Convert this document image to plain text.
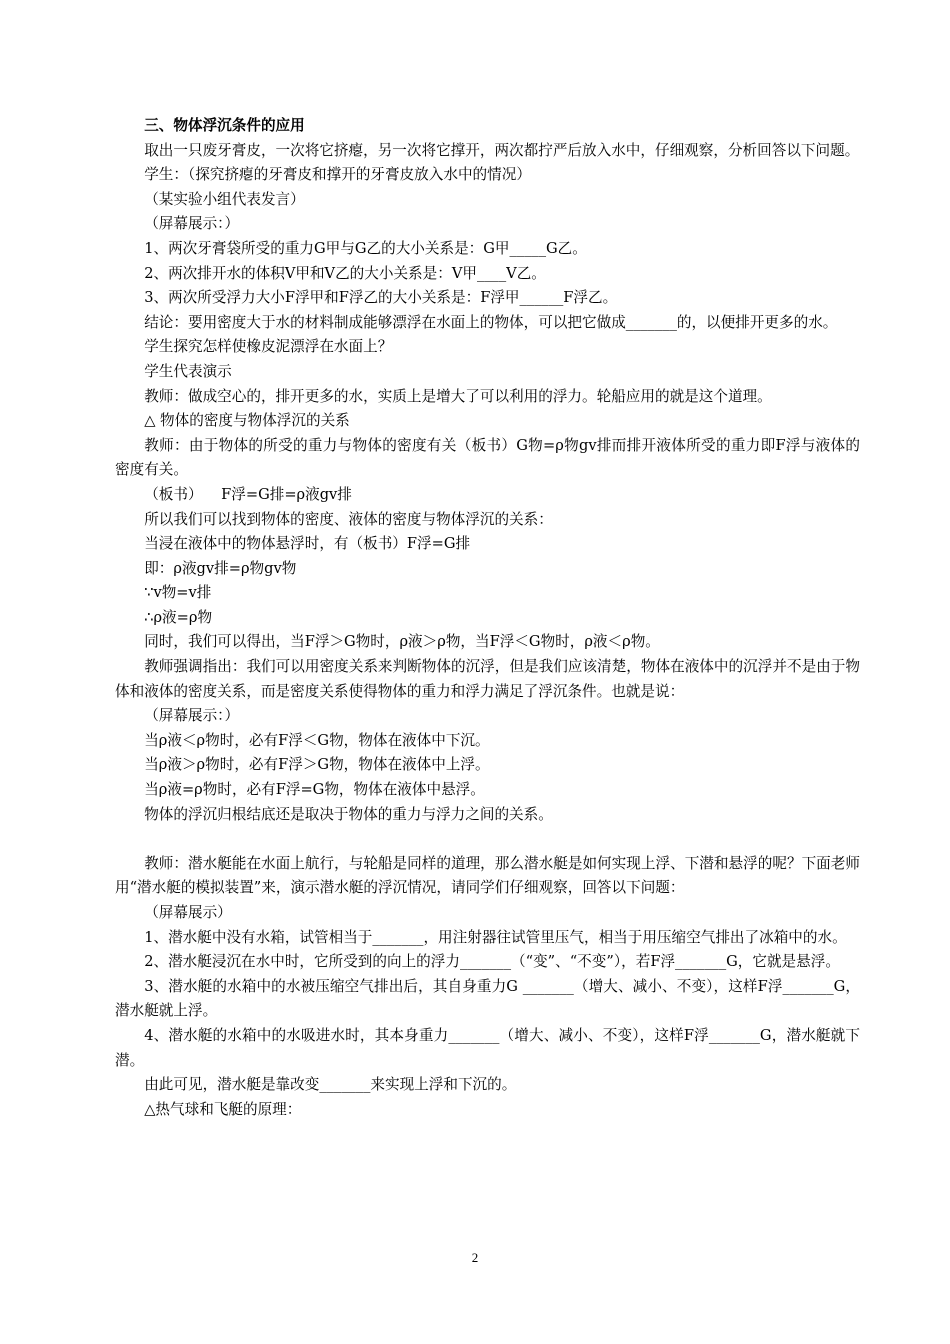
三、物体浮沉条件的应用

取出一只废牙膏皮，一次将它挤瘪，另一次将它撑开，两次都拧严后放入水中，仔细观察，分析回答以下问题。

学生：（探究挤瘪的牙膏皮和撑开的牙膏皮放入水中的情况）

（某实验小组代表发言）

（屏幕展示：）

1、两次牙膏袋所受的重力G甲与G乙的大小关系是：G甲_____G乙。

2、两次排开水的体积V甲和V乙的大小关系是：V甲____V乙。

3、两次所受浮力大小F浮甲和F浮乙的大小关系是：F浮甲______F浮乙。

结论：要用密度大于水的材料制成能够漂浮在水面上的物体，可以把它做成_______的，以便排开更多的水。

学生探究怎样使橡皮泥漂浮在水面上？

学生代表演示

教师：做成空心的，排开更多的水，实质上是增大了可以利用的浮力。轮船应用的就是这个道理。

△ 物体的密度与物体浮沉的关系

教师：由于物体的所受的重力与物体的密度有关（板书）G物=ρ物gv排而排开液体所受的重力即F浮与液体的密度有关。

（板书）    F浮=G排=ρ液gv排

所以我们可以找到物体的密度、液体的密度与物体浮沉的关系：

当浸在液体中的物体悬浮时，有（板书）F浮=G排

即：ρ液gv排=ρ物gv物

∵v物=v排

∴ρ液=ρ物

同时，我们可以得出，当F浮＞G物时，ρ液＞ρ物，当F浮＜G物时，ρ液＜ρ物。

教师强调指出：我们可以用密度关系来判断物体的沉浮，但是我们应该清楚，物体在液体中的沉浮并不是由于物体和液体的密度关系，而是密度关系使得物体的重力和浮力满足了浮沉条件。也就是说：

（屏幕展示：）

当ρ液＜ρ物时，必有F浮＜G物，物体在液体中下沉。

当ρ液＞ρ物时，必有F浮＞G物，物体在液体中上浮。

当ρ液=ρ物时，必有F浮=G物，物体在液体中悬浮。

物体的浮沉归根结底还是取决于物体的重力与浮力之间的关系。

教师：潜水艇能在水面上航行，与轮船是同样的道理，那么潜水艇是如何实现上浮、下潜和悬浮的呢？下面老师用“潜水艇的模拟装置”来，演示潜水艇的浮沉情况，请同学们仔细观察，回答以下问题：

（屏幕展示）

1、潜水艇中没有水箱，试管相当于_______，用注射器往试管里压气，相当于用压缩空气排出了冰箱中的水。

2、潜水艇浸沉在水中时，它所受到的向上的浮力_______（“变”、“不变”），若F浮_______G，它就是悬浮。

3、潜水艇的水箱中的水被压缩空气排出后，其自身重力G _______（增大、减小、不变），这样F浮_______G，潜水艇就上浮。

4、潜水艇的水箱中的水吸进水时，其本身重力_______（增大、减小、不变），这样F浮_______G，潜水艇就下潜。

由此可见，潜水艇是靠改变_______来实现上浮和下沉的。

△热气球和飞艇的原理：

2
